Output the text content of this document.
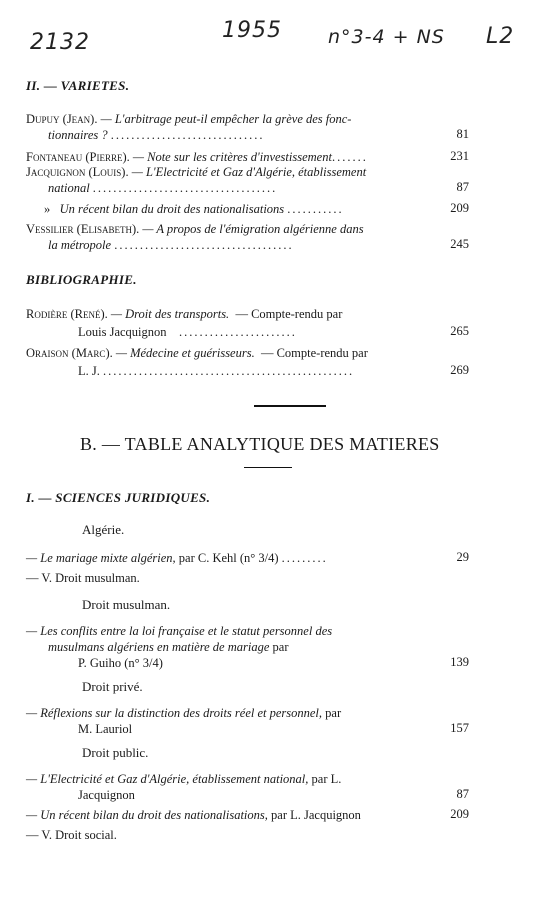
2132	1955 n°3-4 + NS L2
II. — VARIETES.
Dupuy (Jean). — L'arbitrage peut-il empêcher la grève des fonc-
tionnaires ? ..............................	81
Fontaneau (Pierre). — Note sur les critères d'investissement.......	231
Jacquignon (Louis). — L'Electricité et Gaz d'Algérie, établissement
national ....................................	87
» Un récent bilan du droit des nationalisations ...........	209
Vessilier (Elisabeth). — A propos de l'émigration algérienne dans
la métropole ...................................	245
BIBLIOGRAPHIE.
Rodière (René). — Droit des transports. — Compte-rendu par
Louis Jacquignon .......................	265
Oraison (Marc). — Médecine et guérisseurs. — Compte-rendu par
L. J. .................................................	269
B. — TABLE ANALYTIQUE DES MATIERES
I. — SCIENCES JURIDIQUES.
Algérie.
— Le mariage mixte algérien, par C. Kehl (n° 3/4) .........	29
— V. Droit musulman.
Droit musulman.
— Les conflits entre la loi française et le statut personnel des
musulmans algériens en matière de mariage par
P. Guiho (n° 3/4)	139
Droit privé.
— Réflexions sur la distinction des droits réel et personnel, par
M. Lauriol	157
Droit public.
— L'Electricité et Gaz d'Algérie, établissement national, par L.
Jacquignon	87
— Un récent bilan du droit des nationalisations, par L. Jacquignon	209
— V. Droit social.
